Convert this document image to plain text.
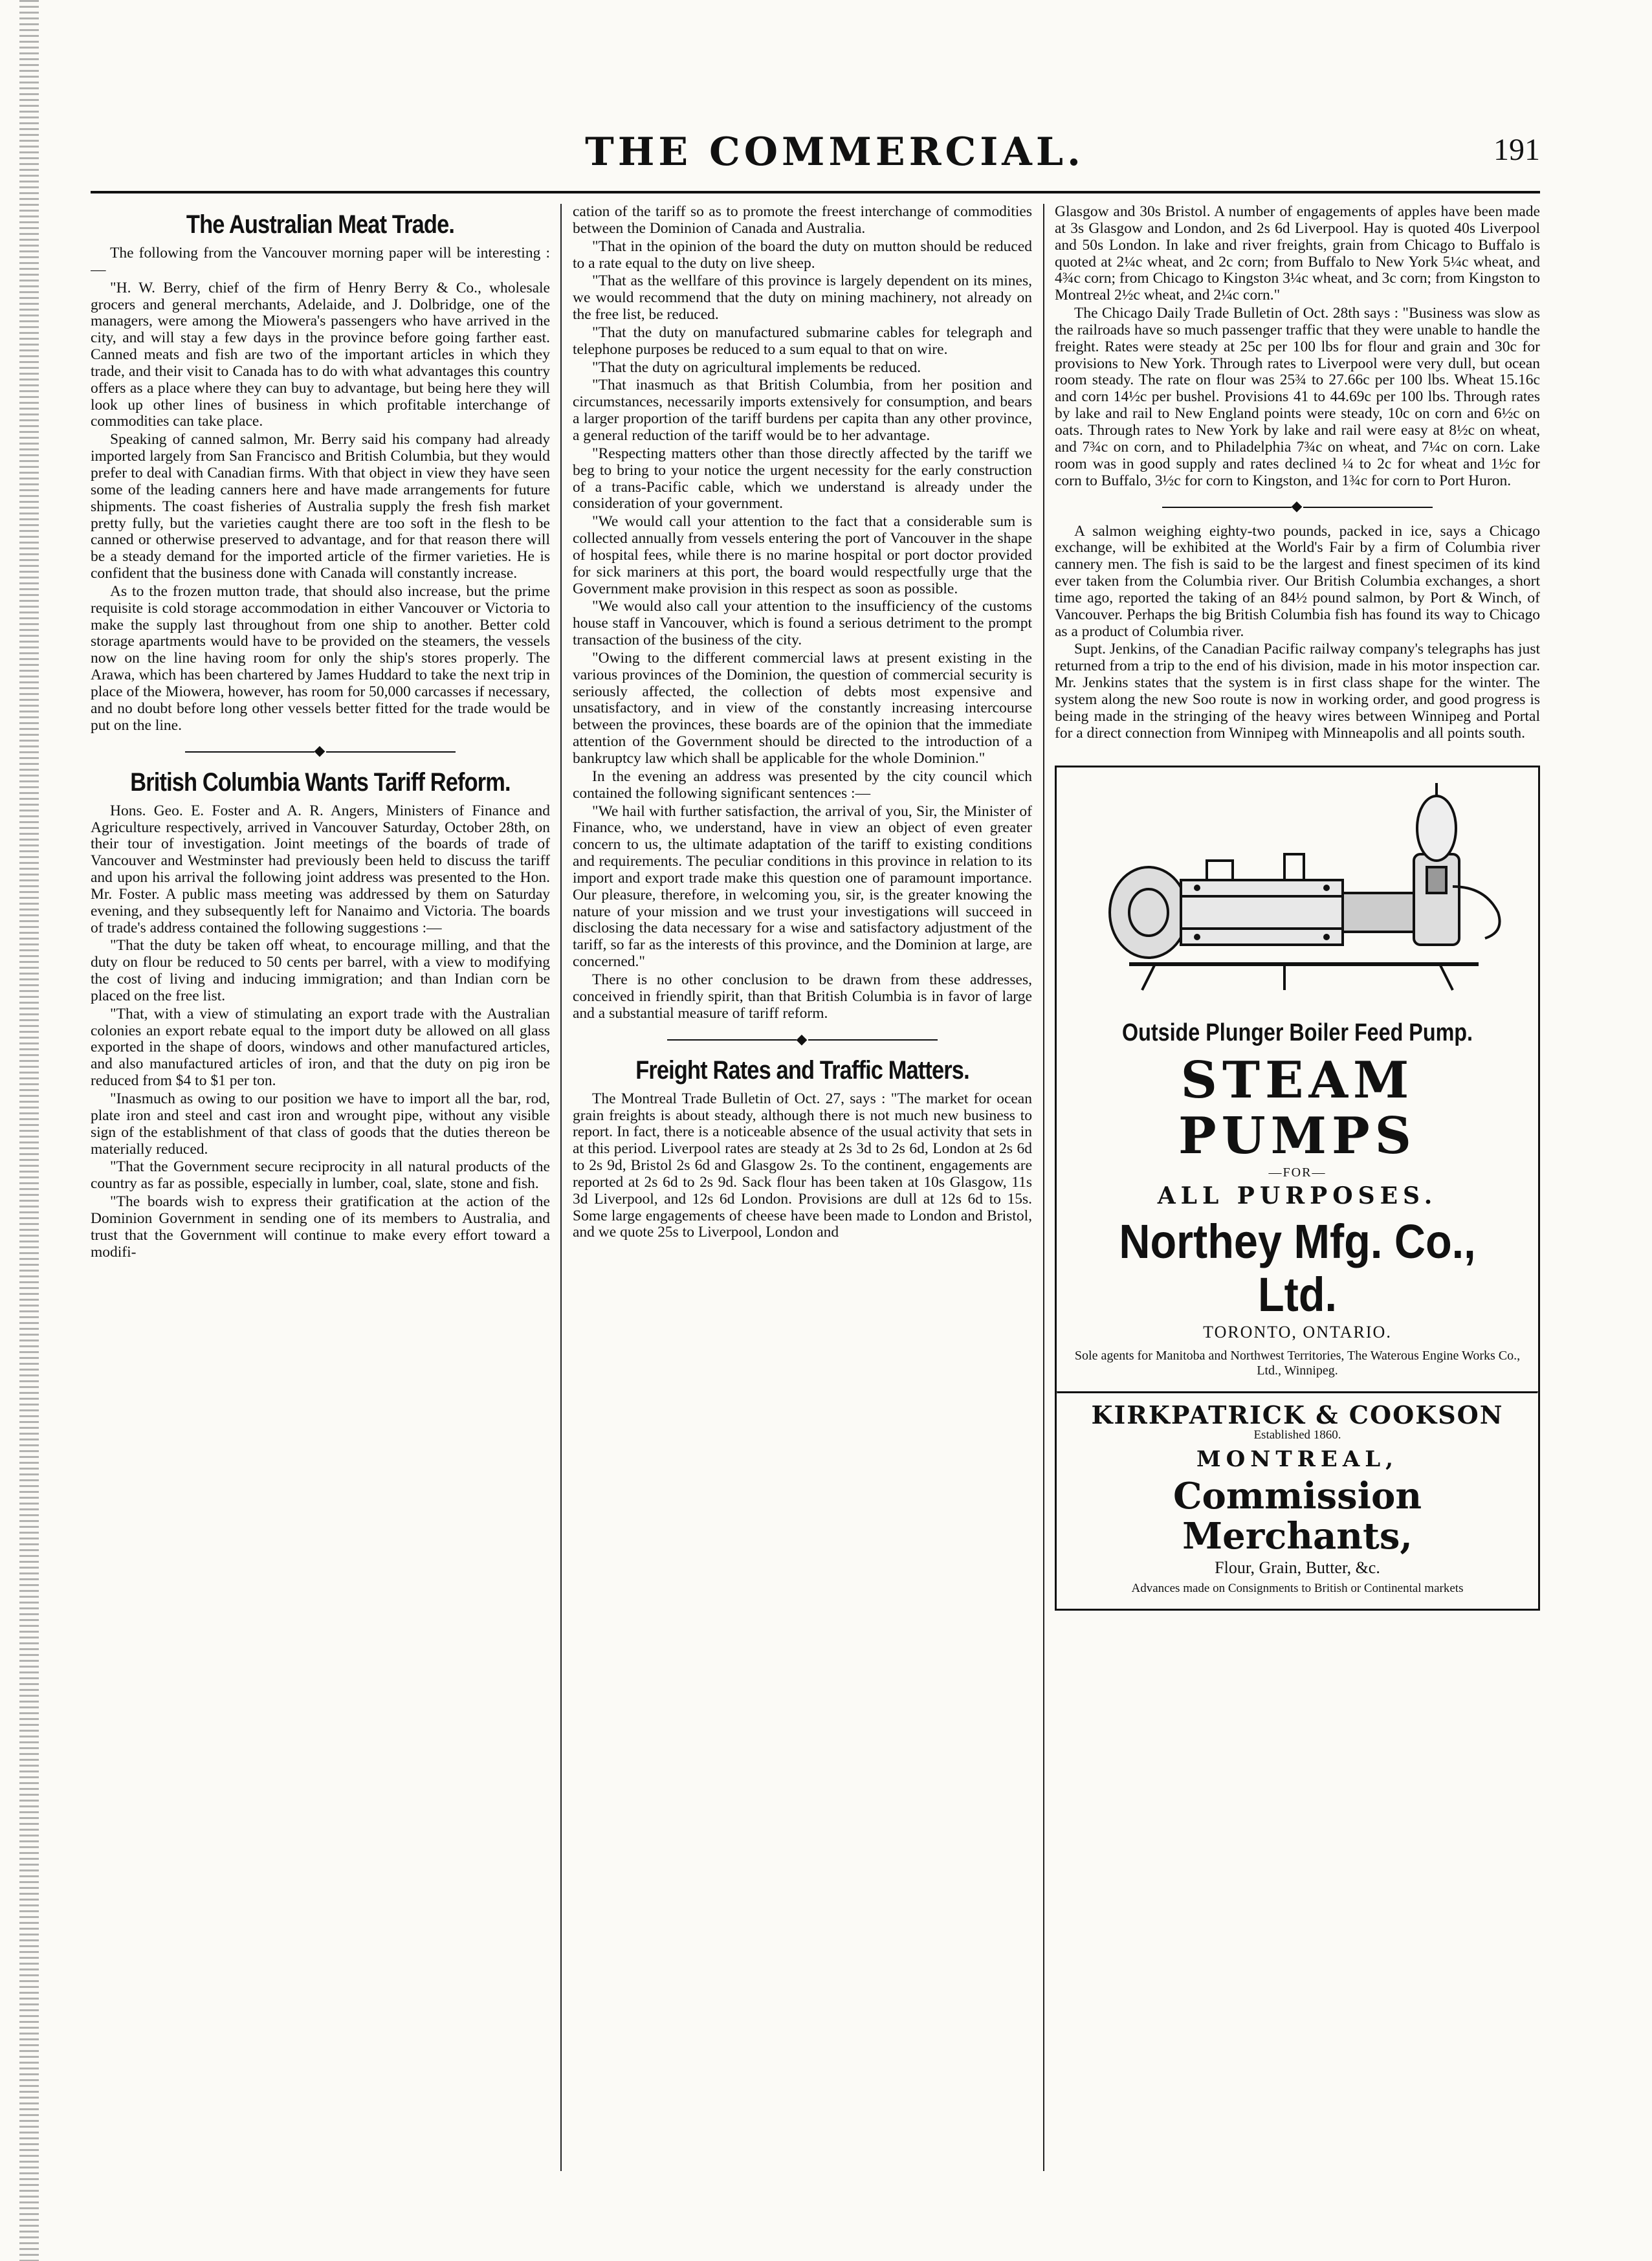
THE COMMERCIAL.	191
The Australian Meat Trade.

The following from the Vancouver morning paper will be interesting :—

"H. W. Berry, chief of the firm of Henry Berry & Co., wholesale grocers and general merchants, Adelaide, and J. Dolbridge, one of the managers, were among the Miowera's passengers who have arrived in the city, and will stay a few days in the province before going farther east. Canned meats and fish are two of the important articles in which they trade, and their visit to Canada has to do with what advantages this country offers as a place where they can buy to advantage, but being here they will look up other lines of business in which profitable interchange of commodities can take place.

Speaking of canned salmon, Mr. Berry said his company had already imported largely from San Francisco and British Columbia, but they would prefer to deal with Canadian firms. With that object in view they have seen some of the leading canners here and have made arrangements for future shipments. The coast fisheries of Australia supply the fresh fish market pretty fully, but the varieties caught there are too soft in the flesh to be canned or otherwise preserved to advantage, and for that reason there will be a steady demand for the imported article of the firmer varieties. He is confident that the business done with Canada will constantly increase.

As to the frozen mutton trade, that should also increase, but the prime requisite is cold storage accommodation in either Vancouver or Victoria to make the supply last throughout from one ship to another. Better cold storage apartments would have to be provided on the steamers, the vessels now on the line having room for only the ship's stores properly. The Arawa, which has been chartered by James Huddard to take the next trip in place of the Miowera, however, has room for 50,000 carcasses if necessary, and no doubt before long other vessels better fitted for the trade would be put on the line.

◆
British Columbia Wants Tariff Reform.

Hons. Geo. E. Foster and A. R. Angers, Ministers of Finance and Agriculture respectively, arrived in Vancouver Saturday, October 28th, on their tour of investigation. Joint meetings of the boards of trade of Vancouver and Westminster had previously been held to discuss the tariff and upon his arrival the following joint address was presented to the Hon. Mr. Foster. A public mass meeting was addressed by them on Saturday evening, and they subsequently left for Nanaimo and Victoria. The boards of trade's address contained the following suggestions :—

"That the duty be taken off wheat, to encourage milling, and that the duty on flour be reduced to 50 cents per barrel, with a view to modifying the cost of living and inducing immigration; and than Indian corn be placed on the free list.

"That, with a view of stimulating an export trade with the Australian colonies an export rebate equal to the import duty be allowed on all glass exported in the shape of doors, windows and other manufactured articles, and also manufactured articles of iron, and that the duty on pig iron be reduced from $4 to $1 per ton.

"Inasmuch as owing to our position we have to import all the bar, rod, plate iron and steel and cast iron and wrought pipe, without any visible sign of the establishment of that class of goods that the duties thereon be materially reduced.

"That the Government secure reciprocity in all natural products of the country as far as possible, especially in lumber, coal, slate, stone and fish.

"The boards wish to express their gratification at the action of the Dominion Government in sending one of its members to Australia, and trust that the Government will continue to make every effort toward a modifi-

cation of the tariff so as to promote the freest interchange of commodities between the Dominion of Canada and Australia.

"That in the opinion of the board the duty on mutton should be reduced to a rate equal to the duty on live sheep.

"That as the wellfare of this province is largely dependent on its mines, we would recommend that the duty on mining machinery, not already on the free list, be reduced.

"That the duty on manufactured submarine cables for telegraph and telephone purposes be reduced to a sum equal to that on wire.

"That the duty on agricultural implements be reduced.

"That inasmuch as that British Columbia, from her position and circumstances, necessarily imports extensively for consumption, and bears a larger proportion of the tariff burdens per capita than any other province, a general reduction of the tariff would be to her advantage.

"Respecting matters other than those directly affected by the tariff we beg to bring to your notice the urgent necessity for the early construction of a trans-Pacific cable, which we understand is already under the consideration of your government.

"We would call your attention to the fact that a considerable sum is collected annually from vessels entering the port of Vancouver in the shape of hospital fees, while there is no marine hospital or port doctor provided for sick mariners at this port, the board would respectfully urge that the Government make provision in this respect as soon as possible.

"We would also call your attention to the insufficiency of the customs house staff in Vancouver, which is found a serious detriment to the prompt transaction of the business of the city.

"Owing to the different commercial laws at present existing in the various provinces of the Dominion, the question of commercial security is seriously affected, the collection of debts most expensive and unsatisfactory, and in view of the constantly increasing intercourse between the provinces, these boards are of the opinion that the immediate attention of the Government should be directed to the introduction of a bankruptcy law which shall be applicable for the whole Dominion."

In the evening an address was presented by the city council which contained the following significant sentences :—

"We hail with further satisfaction, the arrival of you, Sir, the Minister of Finance, who, we understand, have in view an object of even greater concern to us, the ultimate adaptation of the tariff to existing conditions and requirements. The peculiar conditions in this province in relation to its import and export trade make this question one of paramount importance. Our pleasure, therefore, in welcoming you, sir, is the greater knowing the nature of your mission and we trust your investigations will succeed in disclosing the data necessary for a wise and satisfactory adjustment of the tariff, so far as the interests of this province, and the Dominion at large, are concerned."

There is no other conclusion to be drawn from these addresses, conceived in friendly spirit, than that British Columbia is in favor of large and a substantial measure of tariff reform.

◆
Freight Rates and Traffic Matters.

The Montreal Trade Bulletin of Oct. 27, says : "The market for ocean grain freights is about steady, although there is not much new business to report. In fact, there is a noticeable absence of the usual activity that sets in at this period. Liverpool rates are steady at 2s 3d to 2s 6d, London at 2s 6d to 2s 9d, Bristol 2s 6d and Glasgow 2s. To the continent, engagements are reported at 2s 6d to 2s 9d. Sack flour has been taken at 10s Glasgow, 11s 3d Liverpool, and 12s 6d London. Provisions are dull at 12s 6d to 15s. Some large engagements of cheese have been made to London and Bristol, and we quote 25s to Liverpool, London and

Glasgow and 30s Bristol. A number of engagements of apples have been made at 3s Glasgow and London, and 2s 6d Liverpool. Hay is quoted 40s Liverpool and 50s London. In lake and river freights, grain from Chicago to Buffalo is quoted at 2¼c wheat, and 2c corn; from Buffalo to New York 5¼c wheat, and 4¾c corn; from Chicago to Kingston 3¼c wheat, and 3c corn; from Kingston to Montreal 2½c wheat, and 2¼c corn."

The Chicago Daily Trade Bulletin of Oct. 28th says : "Business was slow as the railroads have so much passenger traffic that they were unable to handle the freight. Rates were steady at 25c per 100 lbs for flour and grain and 30c for provisions to New York. Through rates to Liverpool were very dull, but ocean room steady. The rate on flour was 25¾ to 27.66c per 100 lbs. Wheat 15.16c and corn 14½c per bushel. Provisions 41 to 44.69c per 100 lbs. Through rates by lake and rail to New England points were steady, 10c on corn and 6½c on oats. Through rates to New York by lake and rail were easy at 8½c on wheat, and 7¾c on corn, and to Philadelphia 7¾c on wheat, and 7¼c on corn. Lake room was in good supply and rates declined ¼ to 2c for wheat and 1½c for corn to Buffalo, 3½c for corn to Kingston, and 1¾c for corn to Port Huron.

◆

A salmon weighing eighty-two pounds, packed in ice, says a Chicago exchange, will be exhibited at the World's Fair by a firm of Columbia river cannery men. The fish is said to be the largest and finest specimen of its kind ever taken from the Columbia river. Our British Columbia exchanges, a short time ago, reported the taking of an 84½ pound salmon, by Port & Winch, of Vancouver. Perhaps the big British Columbia fish has found its way to Chicago as a product of Columbia river.

Supt. Jenkins, of the Canadian Pacific railway company's telegraphs has just returned from a trip to the end of his division, made in his motor inspection car. Mr. Jenkins states that the system is in first class shape for the winter. The system along the new Soo route is now in working order, and good progress is being made in the stringing of the heavy wires between Winnipeg and Portal for a direct connection from Winnipeg with Minneapolis and all points south.

Outside Plunger Boiler Feed Pump.
STEAM PUMPS
—FOR—
ALL PURPOSES.
Northey Mfg. Co., Ltd.
TORONTO, ONTARIO.
Sole agents for Manitoba and Northwest Territories, The Waterous Engine Works Co., Ltd., Winnipeg.
KIRKPATRICK & COOKSON
Established 1860.
MONTREAL,
Commission Merchants,
Flour, Grain, Butter, &c.
Advances made on Consignments to British or Continental markets
